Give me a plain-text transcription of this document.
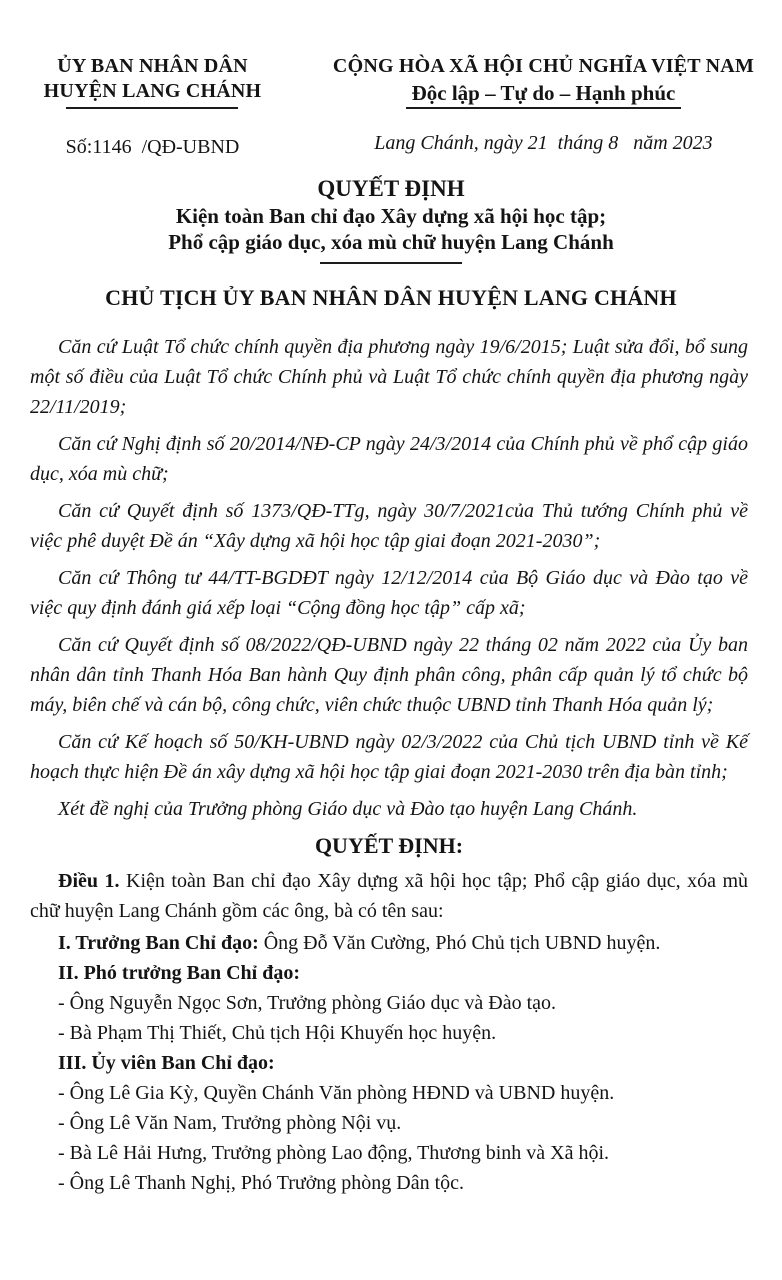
ỦY BAN NHÂN DÂN
HUYỆN LANG CHÁNH
Số:1146  /QĐ-UBND
CỘNG HÒA XÃ HỘI CHỦ NGHĨA VIỆT NAM
Độc lập – Tự do – Hạnh phúc
Lang Chánh, ngày 21  tháng 8   năm 2023
QUYẾT ĐỊNH
Kiện toàn Ban chỉ đạo Xây dựng xã hội học tập;
Phổ cập giáo dục, xóa mù chữ huyện Lang Chánh
CHỦ TỊCH ỦY BAN NHÂN DÂN HUYỆN LANG CHÁNH

Căn cứ Luật Tổ chức chính quyền địa phương ngày 19/6/2015; Luật sửa đổi, bổ sung một số điều của Luật Tổ chức Chính phủ và Luật Tổ chức chính quyền địa phương ngày 22/11/2019;

Căn cứ Nghị định số 20/2014/NĐ-CP ngày 24/3/2014 của Chính phủ về phổ cập giáo dục, xóa mù chữ;

Căn cứ Quyết định số 1373/QĐ-TTg, ngày 30/7/2021của Thủ tướng Chính phủ về việc phê duyệt Đề án “Xây dựng xã hội học tập giai đoạn 2021-2030”;

Căn cứ Thông tư 44/TT-BGDĐT ngày 12/12/2014 của Bộ Giáo dục và Đào tạo về việc quy định đánh giá xếp loại “Cộng đồng học tập” cấp xã;

Căn cứ Quyết định số 08/2022/QĐ-UBND ngày 22 tháng 02 năm 2022 của Ủy ban nhân dân tỉnh Thanh Hóa Ban hành Quy định phân công, phân cấp quản lý tổ chức bộ máy, biên chế và cán bộ, công chức, viên chức thuộc UBND tỉnh Thanh Hóa quản lý;

Căn cứ Kế hoạch số 50/KH-UBND ngày 02/3/2022 của Chủ tịch UBND tỉnh về Kế hoạch thực hiện Đề án xây dựng xã hội học tập giai đoạn 2021-2030 trên địa bàn tỉnh;

Xét đề nghị của Trưởng phòng Giáo dục và Đào tạo huyện Lang Chánh.

QUYẾT ĐỊNH:

Điều 1. Kiện toàn Ban chỉ đạo Xây dựng xã hội học tập; Phổ cập giáo dục, xóa mù chữ huyện Lang Chánh gồm các ông, bà có tên sau:

I. Trưởng Ban Chỉ đạo: Ông Đỗ Văn Cường, Phó Chủ tịch UBND huyện.

II. Phó trưởng Ban Chỉ đạo:

- Ông Nguyễn Ngọc Sơn, Trưởng phòng Giáo dục và Đào tạo.

- Bà Phạm Thị Thiết, Chủ tịch Hội Khuyến học huyện.

III. Ủy viên Ban Chỉ đạo:

- Ông Lê Gia Kỳ, Quyền Chánh Văn phòng HĐND và UBND huyện.

- Ông Lê Văn Nam, Trưởng phòng Nội vụ.

- Bà Lê Hải Hưng, Trưởng phòng Lao động, Thương binh và Xã hội.

- Ông Lê Thanh Nghị, Phó Trưởng phòng Dân tộc.
